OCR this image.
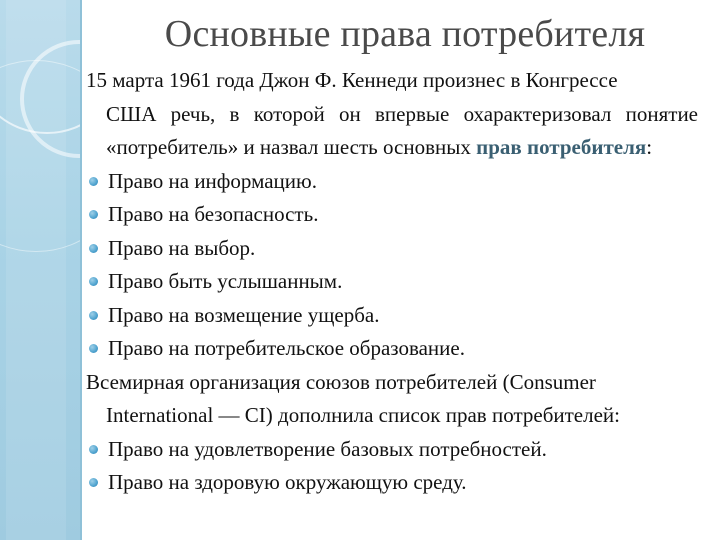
Основные права потребителя

15 марта 1961 года Джон Ф. Кеннеди произнес в Конгрессе
США речь, в которой он впервые охарактеризовал понятие «потребитель» и назвал шесть основных прав потребителя:

Право на информацию.

Право на безопасность.

Право на выбор.

Право быть услышанным.

Право на возмещение ущерба.

Право на потребительское образование.

Всемирная организация союзов потребителей (Consumer
International — CI) дополнила список прав потребителей:

Право на удовлетворение базовых потребностей.

Право на здоровую окружающую среду.
